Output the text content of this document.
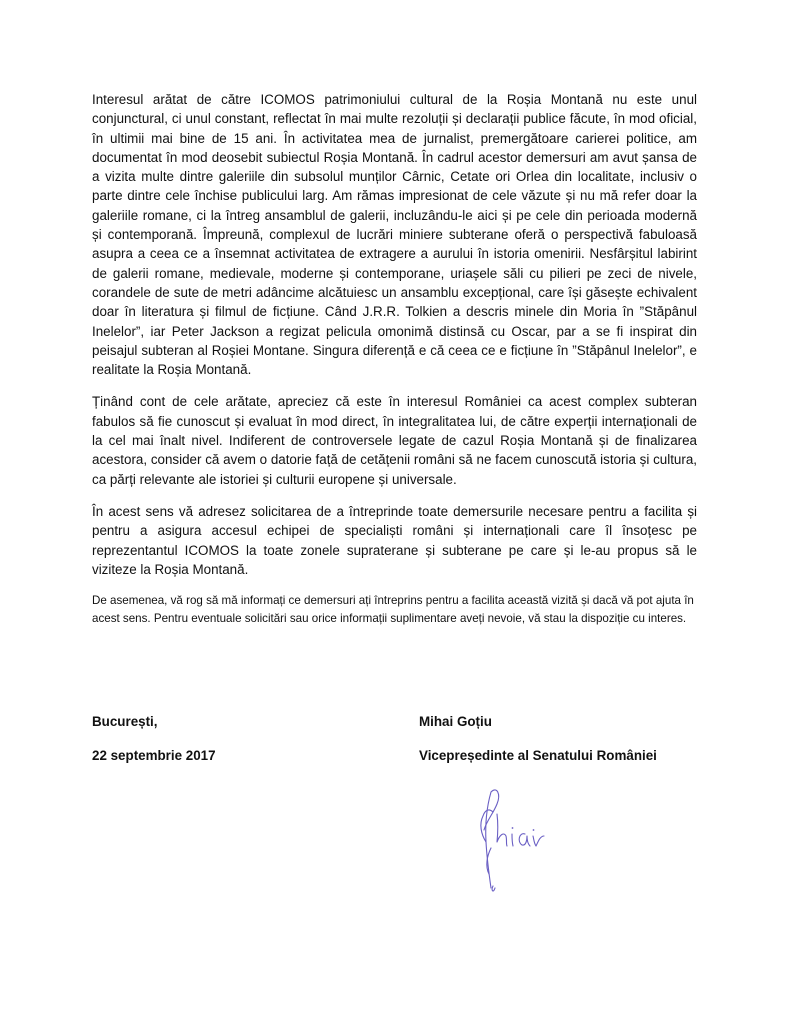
Interesul arătat de către ICOMOS patrimoniului cultural de la Roșia Montană nu este unul conjunctural, ci unul constant, reflectat în mai multe rezoluții și declarații publice făcute, în mod oficial, în ultimii mai bine de 15 ani. În activitatea mea de jurnalist, premergătoare carierei politice, am documentat în mod deosebit subiectul Roșia Montană. În cadrul acestor demersuri am avut șansa de a vizita multe dintre galeriile din subsolul munților Cârnic, Cetate ori Orlea din localitate, inclusiv o parte dintre cele închise publicului larg. Am rămas impresionat de cele văzute și nu mă refer doar la galeriile romane, ci la întreg ansamblul de galerii, incluzându-le aici și pe cele din perioada modernă și contemporană. Împreună, complexul de lucrări miniere subterane oferă o perspectivă fabuloasă asupra a ceea ce a însemnat activitatea de extragere a aurului în istoria omenirii. Nesfârșitul labirint de galerii romane, medievale, moderne și contemporane, uriașele săli cu pilieri pe zeci de nivele, corandele de sute de metri adâncime alcătuiesc un ansamblu excepțional, care își găsește echivalent doar în literatura și filmul de ficțiune. Când J.R.R. Tolkien a descris minele din Moria în ”Stăpânul Inelelor”, iar Peter Jackson a regizat pelicula omonimă distinsă cu Oscar, par a se fi inspirat din peisajul subteran al Roșiei Montane. Singura diferență e că ceea ce e ficțiune în ”Stăpânul Inelelor”, e realitate la Roșia Montană.

Ținând cont de cele arătate, apreciez că este în interesul României ca acest complex subteran fabulos să fie cunoscut și evaluat în mod direct, în integralitatea lui, de către experții internaționali de la cel mai înalt nivel. Indiferent de controversele legate de cazul Roșia Montană și de finalizarea acestora, consider că avem o datorie față de cetățenii români să ne facem cunoscută istoria și cultura, ca părți relevante ale istoriei și culturii europene și universale.

În acest sens vă adresez solicitarea de a întreprinde toate demersurile necesare pentru a facilita și pentru a asigura accesul echipei de specialiști români și internaționali care îl însoțesc pe reprezentantul ICOMOS la toate zonele supraterane și subterane pe care și le-au propus să le viziteze la Roșia Montană.

De asemenea, vă rog să mă informați ce demersuri ați întreprins pentru a facilita această vizită și dacă vă pot ajuta în acest sens. Pentru eventuale solicitări sau orice informații suplimentare aveți nevoie, vă stau la dispoziție cu interes.

București,
22 septembrie 2017
Mihai Goțiu
Vicepreședinte al Senatului României
